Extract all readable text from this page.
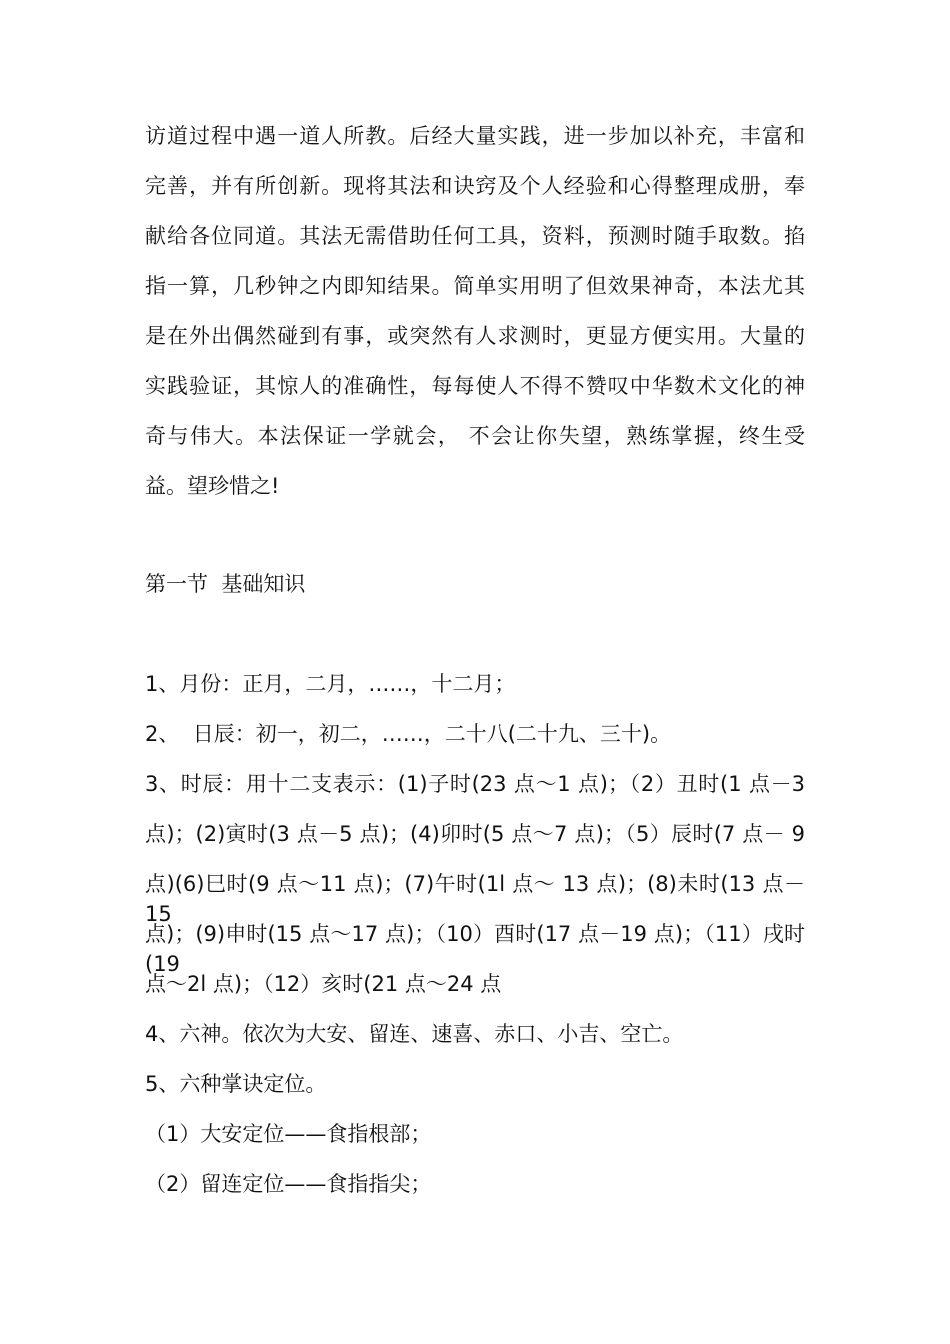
访道过程中遇一道人所教。后经大量实践，进一步加以补充，丰富和
完善，并有所创新。现将其法和诀窍及个人经验和心得整理成册，奉
献给各位同道。其法无需借助任何工具，资料，预测时随手取数。掐
指一算，几秒钟之内即知结果。简单实用明了但效果神奇，本法尤其
是在外出偶然碰到有事，或突然有人求测时，更显方便实用。大量的
实践验证，其惊人的准确性，每每使人不得不赞叹中华数术文化的神
奇与伟大。本法保证一学就会， 不会让你失望，熟练掌握，终生受
益。望珍惜之!
第一节  基础知识
1、月份：正月，二月，……，十二月；
2、  日辰：初一，初二，……，二十八(二十九、三十)。
3、时辰：用十二支表示：(1)子时(23 点～1 点)；（2）丑时(1 点－3
点)；(2)寅时(3 点－5 点)；(4)卯时(5 点～7 点)；（5）辰时(7 点－ 9
点)(6)巳时(9 点～11 点)；(7)午时(1l 点～ 13 点)；(8)未时(13 点－15
点)；(9)申时(15 点～17 点)；（10）酉时(17 点－19 点)；（11）戌时(19
点～2l 点)；（12）亥时(21 点～24 点
4、六神。依次为大安、留连、速喜、赤口、小吉、空亡。
5、六种掌诀定位。
（1）大安定位——食指根部；
（2）留连定位——食指指尖；
